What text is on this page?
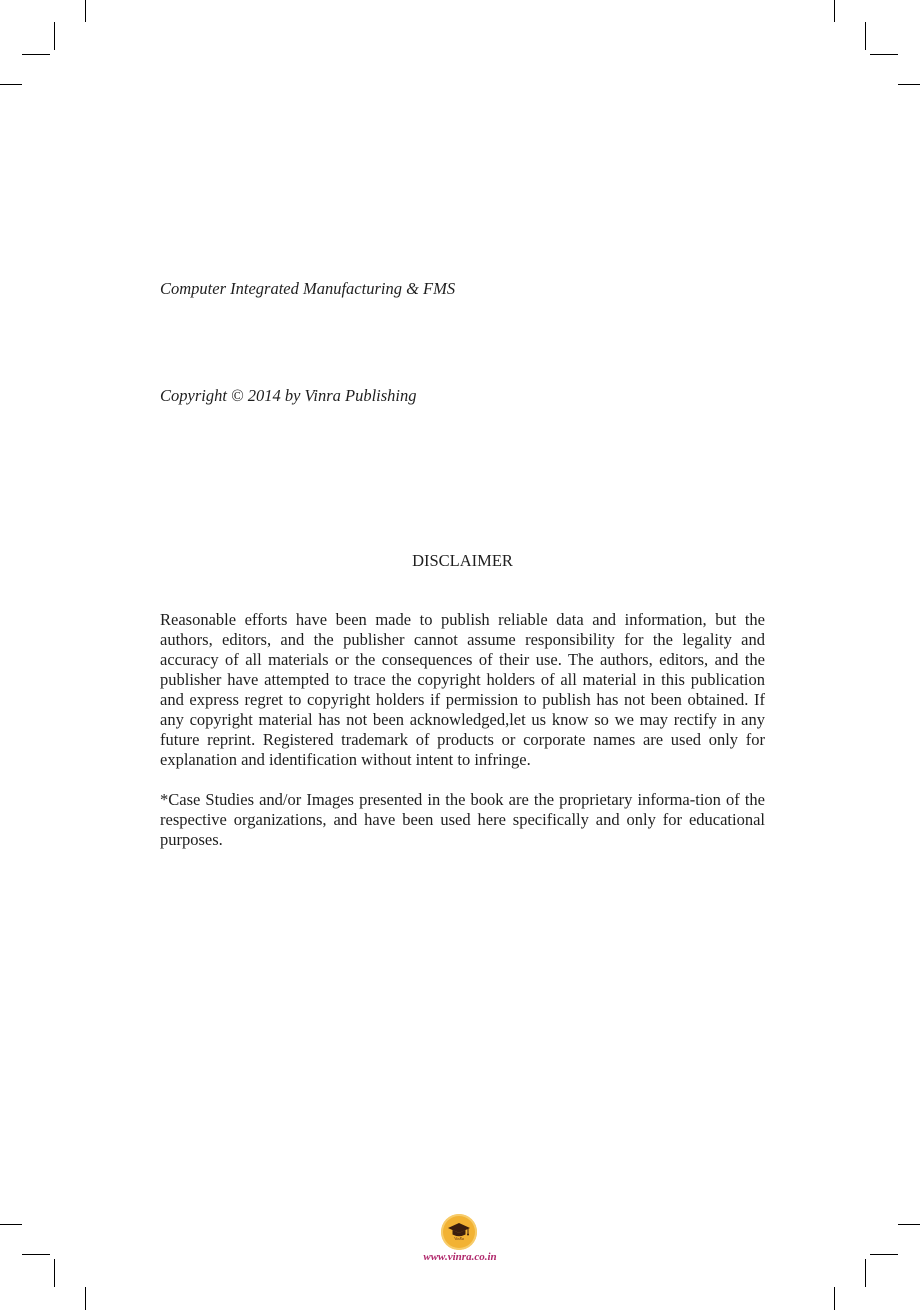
Computer Integrated Manufacturing & FMS

Copyright © 2014 by Vinra Publishing

DISCLAIMER

Reasonable efforts have been made to publish reliable data and information, but the authors, editors, and the publisher cannot assume responsibility for the legality and accuracy of all materials or the consequences of their use. The authors, editors, and the publisher have attempted to trace the copyright holders of all material in this publication and express regret to copyright holders if permission to publish has not been obtained. If any copyright material has not been acknowledged,let us know so we may rectify in any future reprint. Registered trademark of products or corporate names are used only for explanation and identification without intent to infringe.

*Case Studies and/or Images presented in the book are the proprietary informa-tion of the respective organizations, and have been used here specifically and only for educational purposes.

VinRa

www.vinra.co.in
